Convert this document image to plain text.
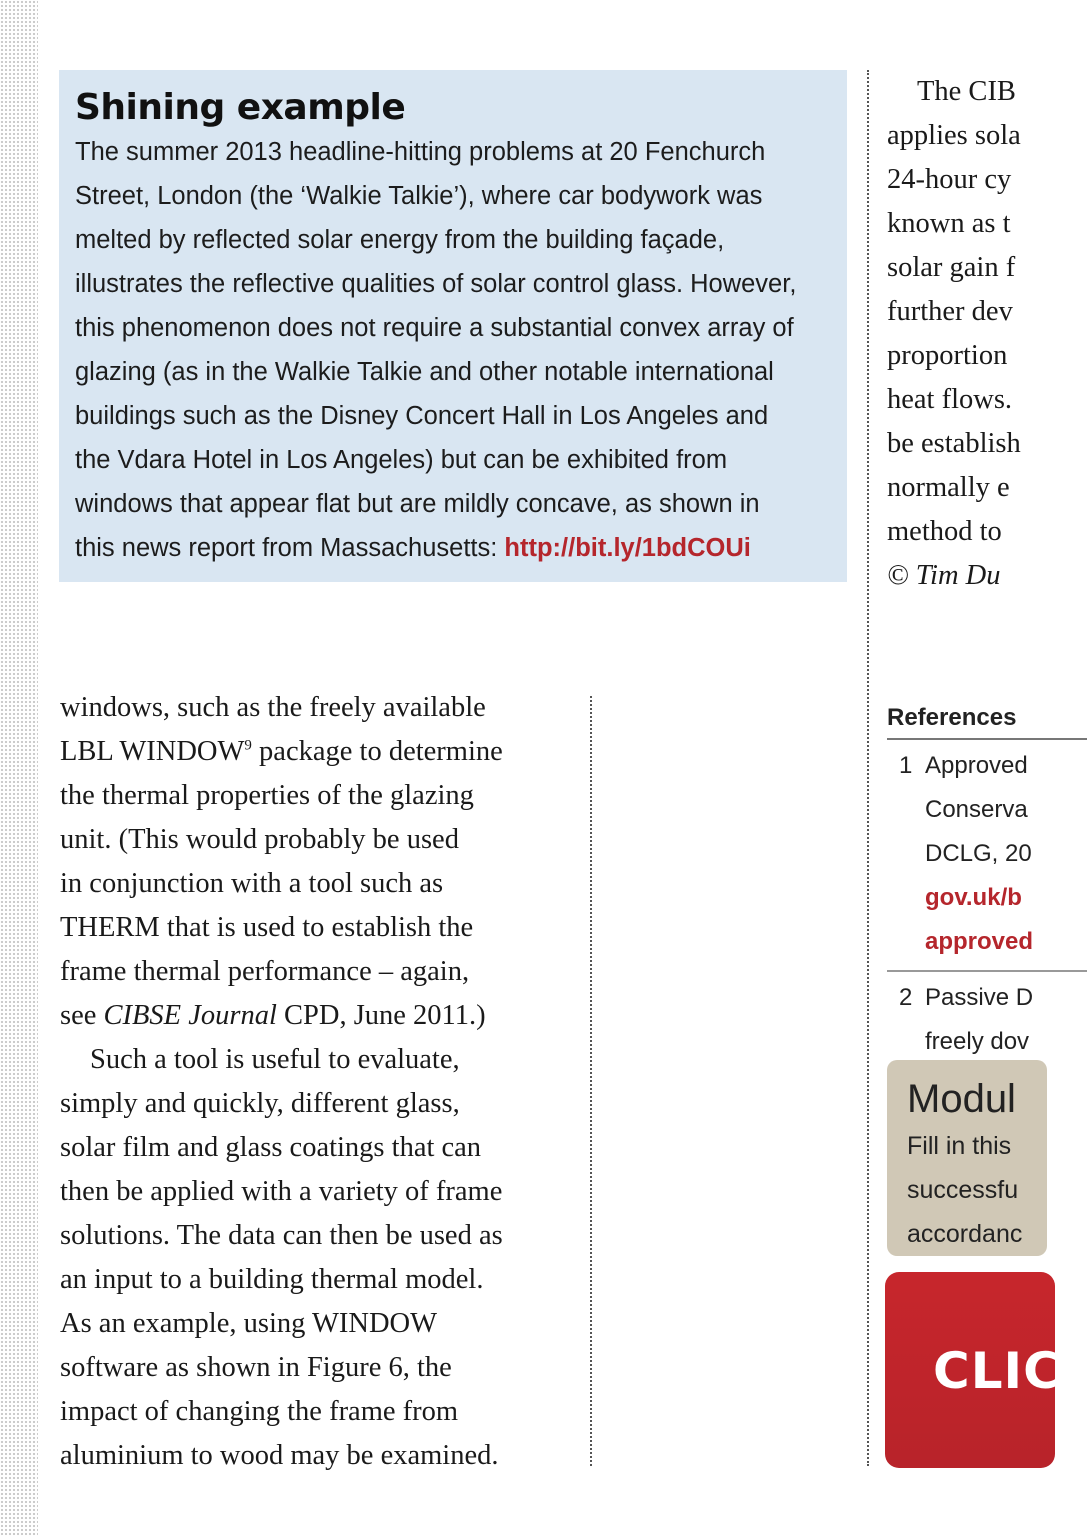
Shining example
The summer 2013 headline-hitting problems at 20 Fenchurch
Street, London (the ‘Walkie Talkie’), where car bodywork was
melted by reflected solar energy from the building façade,
illustrates the reflective qualities of solar control glass. However,
this phenomenon does not require a substantial convex array of
glazing (as in the Walkie Talkie and other notable international
buildings such as the Disney Concert Hall in Los Angeles and
the Vdara Hotel in Los Angeles) but can be exhibited from
windows that appear flat but are mildly concave, as shown in
this news report from Massachusetts: http://bit.ly/1bdCOUi

windows, such as the freely available
LBL WINDOW$^9$ package to determine
the thermal properties of the glazing
unit. (This would probably be used
in conjunction with a tool such as
THERM that is used to establish the
frame thermal performance – again,
see CIBSE Journal CPD, June 2011.)

Such a tool is useful to evaluate,
simply and quickly, different glass,
solar film and glass coatings that can
then be applied with a variety of frame
solutions. The data can then be used as
an input to a building thermal model.
As an example, using WINDOW
software as shown in Figure 6, the
impact of changing the frame from
aluminium to wood may be examined.

The CIB
applies sola
24-hour cy
known as t
solar gain f
further dev
proportion
heat flows.
be establish
normally e
method to
© Tim Du
References
1 Approved
Conserva
DCLG, 20
gov.uk/b
approved
2 Passive D
freely dov
Modul
Fill in this
successfu
accordanc
CLIC
